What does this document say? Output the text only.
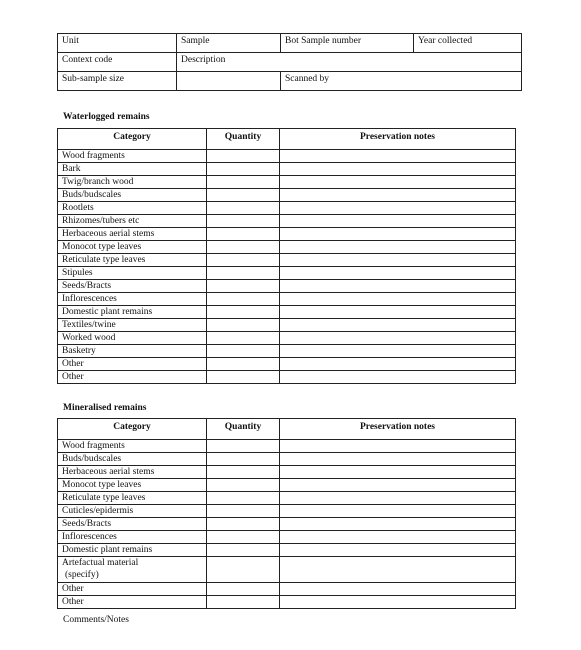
Unit	Sample	Bot Sample number	Year collected
Context code	Description		
Sub-sample size		Scanned by	
Waterlogged remains
Category	Quantity	Preservation notes
Wood fragments		
Bark		
Twig/branch wood		
Buds/budscales		
Rootlets		
Rhizomes/tubers etc		
Herbaceous aerial stems		
Monocot type leaves		
Reticulate type leaves		
Stipules		
Seeds/Bracts		
Inflorescences		
Domestic plant remains		
Textiles/twine		
Worked wood		
Basketry		
Other		
Other		
Mineralised remains
Category	Quantity	Preservation notes
Wood fragments		
Buds/budscales		
Herbaceous aerial stems		
Monocot type leaves		
Reticulate type leaves		
Cuticles/epidermis		
Seeds/Bracts		
Inflorescences		
Domestic plant remains		

Artefactual material
(specify)		

Other		
Other		
Comments/Notes
